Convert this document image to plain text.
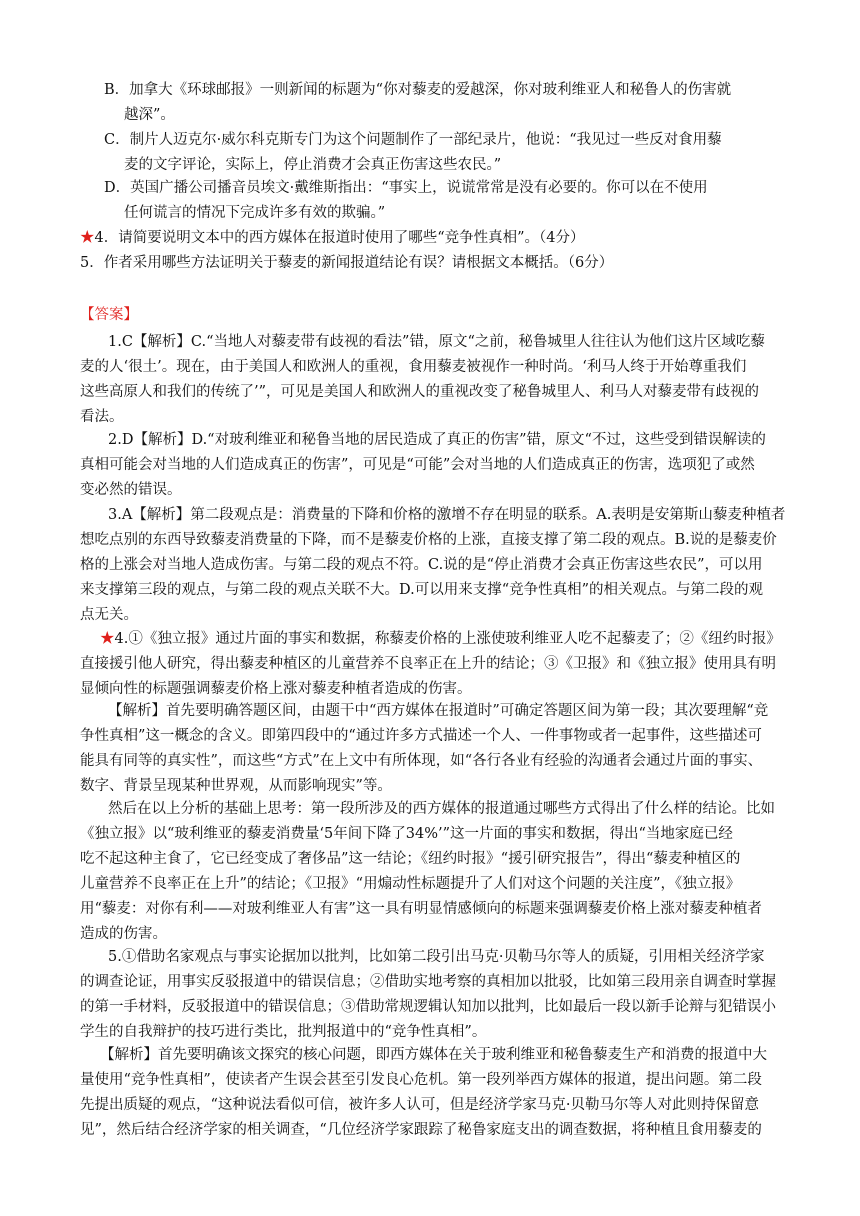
B．加拿大《环球邮报》一则新闻的标题为“你对藜麦的爱越深，你对玻利维亚人和秘鲁人的伤害就
越深”。
C．制片人迈克尔·威尔科克斯专门为这个问题制作了一部纪录片，他说：“我见过一些反对食用藜
麦的文字评论，实际上，停止消费才会真正伤害这些农民。”
D．英国广播公司播音员埃文·戴维斯指出：“事实上，说谎常常是没有必要的。你可以在不使用
任何谎言的情况下完成许多有效的欺骗。”
★4．请简要说明文本中的西方媒体在报道时使用了哪些“竞争性真相”。（4分）
5．作者采用哪些方法证明关于藜麦的新闻报道结论有误？请根据文本概括。（6分）
【答案】
1.C【解析】C.“当地人对藜麦带有歧视的看法”错，原文“之前，秘鲁城里人往往认为他们这片区域吃藜
麦的人‘很土’。现在，由于美国人和欧洲人的重视，食用藜麦被视作一种时尚。‘利马人终于开始尊重我们
这些高原人和我们的传统了’”，可见是美国人和欧洲人的重视改变了秘鲁城里人、利马人对藜麦带有歧视的
看法。
2.D【解析】D.“对玻利维亚和秘鲁当地的居民造成了真正的伤害”错，原文“不过，这些受到错误解读的
真相可能会对当地的人们造成真正的伤害”，可见是“可能”会对当地的人们造成真正的伤害，选项犯了或然
变必然的错误。
3.A【解析】第二段观点是：消费量的下降和价格的激增不存在明显的联系。A.表明是安第斯山藜麦种植者
想吃点别的东西导致藜麦消费量的下降，而不是藜麦价格的上涨，直接支撑了第二段的观点。B.说的是藜麦价
格的上涨会对当地人造成伤害。与第二段的观点不符。C.说的是“停止消费才会真正伤害这些农民”，可以用
来支撑第三段的观点，与第二段的观点关联不大。D.可以用来支撑“竞争性真相”的相关观点。与第二段的观
点无关。
★4.①《独立报》通过片面的事实和数据，称藜麦价格的上涨使玻利维亚人吃不起藜麦了；②《纽约时报》
直接援引他人研究，得出藜麦种植区的儿童营养不良率正在上升的结论；③《卫报》和《独立报》使用具有明
显倾向性的标题强调藜麦价格上涨对藜麦种植者造成的伤害。
【解析】首先要明确答题区间，由题干中“西方媒体在报道时”可确定答题区间为第一段；其次要理解“竞
争性真相”这一概念的含义。即第四段中的“通过许多方式描述一个人、一件事物或者一起事件，这些描述可
能具有同等的真实性”，而这些“方式”在上文中有所体现，如“各行各业有经验的沟通者会通过片面的事实、
数字、背景呈现某种世界观，从而影响现实”等。
然后在以上分析的基础上思考：第一段所涉及的西方媒体的报道通过哪些方式得出了什么样的结论。比如
《独立报》以“玻利维亚的藜麦消费量‘5年间下降了34%’”这一片面的事实和数据，得出“当地家庭已经
吃不起这种主食了，它已经变成了奢侈品”这一结论；《纽约时报》“援引研究报告”，得出“藜麦种植区的
儿童营养不良率正在上升”的结论；《卫报》“用煽动性标题提升了人们对这个问题的关注度”，《独立报》
用“藜麦：对你有利——对玻利维亚人有害”这一具有明显情感倾向的标题来强调藜麦价格上涨对藜麦种植者
造成的伤害。
5.①借助名家观点与事实论据加以批判，比如第二段引出马克·贝勒马尔等人的质疑，引用相关经济学家
的调查论证，用事实反驳报道中的错误信息；②借助实地考察的真相加以批驳，比如第三段用亲自调查时掌握
的第一手材料，反驳报道中的错误信息；③借助常规逻辑认知加以批判，比如最后一段以新手论辩与犯错误小
学生的自我辩护的技巧进行类比，批判报道中的“竞争性真相”。
【解析】首先要明确该文探究的核心问题，即西方媒体在关于玻利维亚和秘鲁藜麦生产和消费的报道中大
量使用“竞争性真相”，使读者产生误会甚至引发良心危机。第一段列举西方媒体的报道，提出问题。第二段
先提出质疑的观点，“这种说法看似可信，被许多人认可，但是经济学家马克·贝勒马尔等人对此则持保留意
见”，然后结合经济学家的相关调查，“几位经济学家跟踪了秘鲁家庭支出的调查数据，将种植且食用藜麦的
